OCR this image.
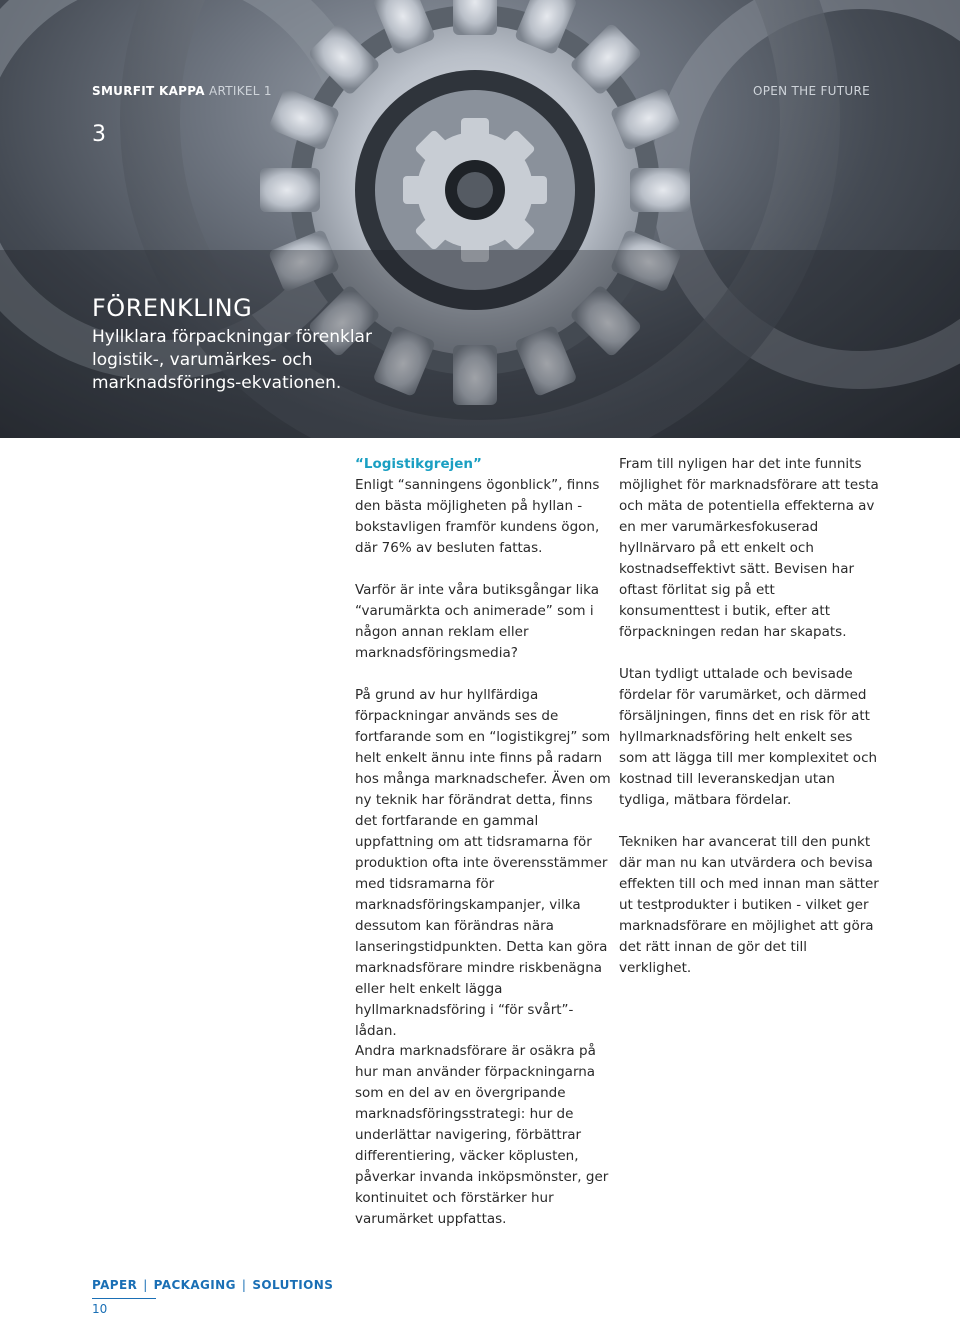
SMURFIT KAPPA ARTIKEL 1	OPEN THE FUTURE
3
FÖRENKLING
Hyllklara förpackningar förenklar logistik-, varumärkes- och marknadsförings-ekvationen.
“Logistikgrejen”

Enligt “sanningens ögonblick”, finns den bästa möjligheten på hyllan - bokstavligen framför kundens ögon, där 76% av besluten fattas.

Varför är inte våra butiksgångar lika “varumärkta och animerade” som i någon annan reklam eller marknadsföringsmedia?

På grund av hur hyllfärdiga förpackningar används ses de fortfarande som en “logistikgrej” som helt enkelt ännu inte finns på radarn hos många marknadschefer. Även om ny teknik har förändrat detta, finns det fortfarande en gammal uppfattning om att tidsramarna för produktion ofta inte överensstämmer med tidsramarna för marknadsföringskampanjer, vilka dessutom kan förändras nära lanseringstidpunkten. Detta kan göra marknadsförare mindre riskbenägna eller helt enkelt lägga hyllmarknadsföring i “för svårt”-lådan.

Fram till nyligen har det inte funnits möjlighet för marknadsförare att testa och mäta de potentiella effekterna av en mer varumärkesfokuserad hyllnärvaro på ett enkelt och kostnadseffektivt sätt. Bevisen har oftast förlitat sig på ett konsumenttest i butik, efter att förpackningen redan har skapats.

Utan tydligt uttalade och bevisade fördelar för varumärket, och därmed försäljningen, finns det en risk för att hyllmarknadsföring helt enkelt ses som att lägga till mer komplexitet och kostnad till leveranskedjan utan tydliga, mätbara fördelar.

Tekniken har avancerat till den punkt där man nu kan utvärdera och bevisa effekten till och med innan man sätter ut testprodukter i butiken - vilket ger marknadsförare en möjlighet att göra det rätt innan de gör det till verklighet.

Andra marknadsförare är osäkra på hur man använder förpackningarna som en del av en övergripande marknadsföringsstrategi: hur de underlättar navigering, förbättrar differentiering, väcker köplusten, påverkar invanda inköpsmönster, ger kontinuitet och förstärker hur varumärket uppfattas.

PAPER | PACKAGING | SOLUTIONS
10
